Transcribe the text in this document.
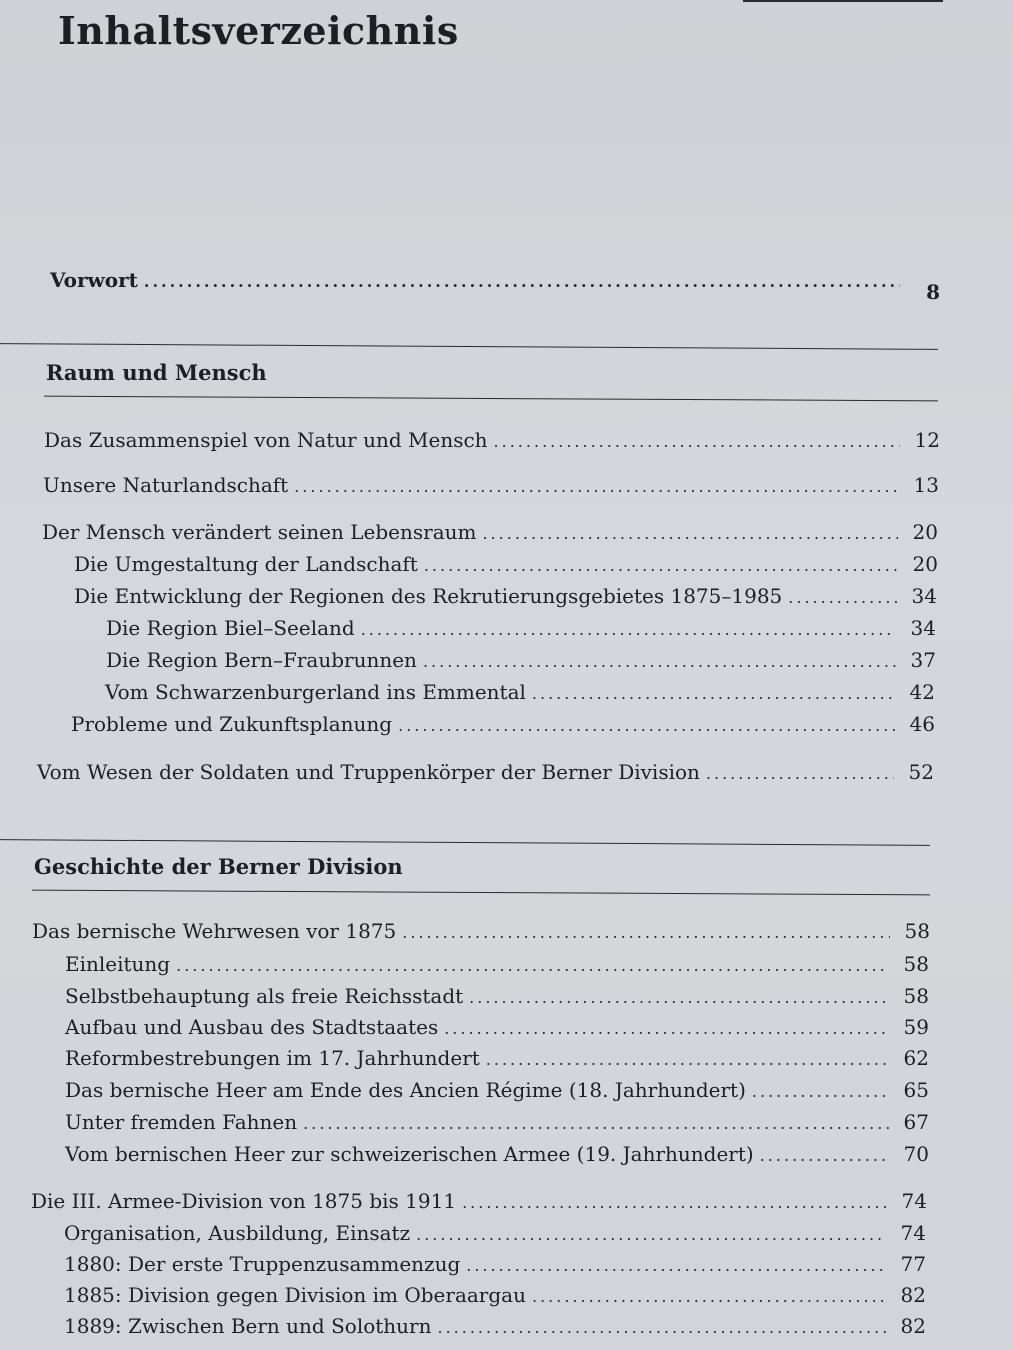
Inhaltsverzeichnis
Vorwort .....	8
Raum und Mensch
Das Zusammenspiel von Natur und Mensch .....	12
Unsere Naturlandschaft .....	13
Der Mensch verändert seinen Lebensraum .....	20
Die Umgestaltung der Landschaft .....	20
Die Entwicklung der Regionen des Rekrutierungsgebietes 1875–1985 .....	34
Die Region Biel–Seeland .....	34
Die Region Bern–Fraubrunnen .....	37
Vom Schwarzenburgerland ins Emmental .....	42
Probleme und Zukunftsplanung .....	46
Vom Wesen der Soldaten und Truppenkörper der Berner Division .....	52
Geschichte der Berner Division
Das bernische Wehrwesen vor 1875 .....	58
Einleitung .....	58
Selbstbehauptung als freie Reichsstadt .....	58
Aufbau und Ausbau des Stadtstaates .....	59
Reformbestrebungen im 17. Jahrhundert .....	62
Das bernische Heer am Ende des Ancien Régime (18. Jahrhundert) .....	65
Unter fremden Fahnen .....	67
Vom bernischen Heer zur schweizerischen Armee (19. Jahrhundert) .....	70
Die III. Armee-Division von 1875 bis 1911 .....	74
Organisation, Ausbildung, Einsatz .....	74
1880: Der erste Truppenzusammenzug .....	77
1885: Division gegen Division im Oberaargau .....	82
1889: Zwischen Bern und Solothurn .....	82
